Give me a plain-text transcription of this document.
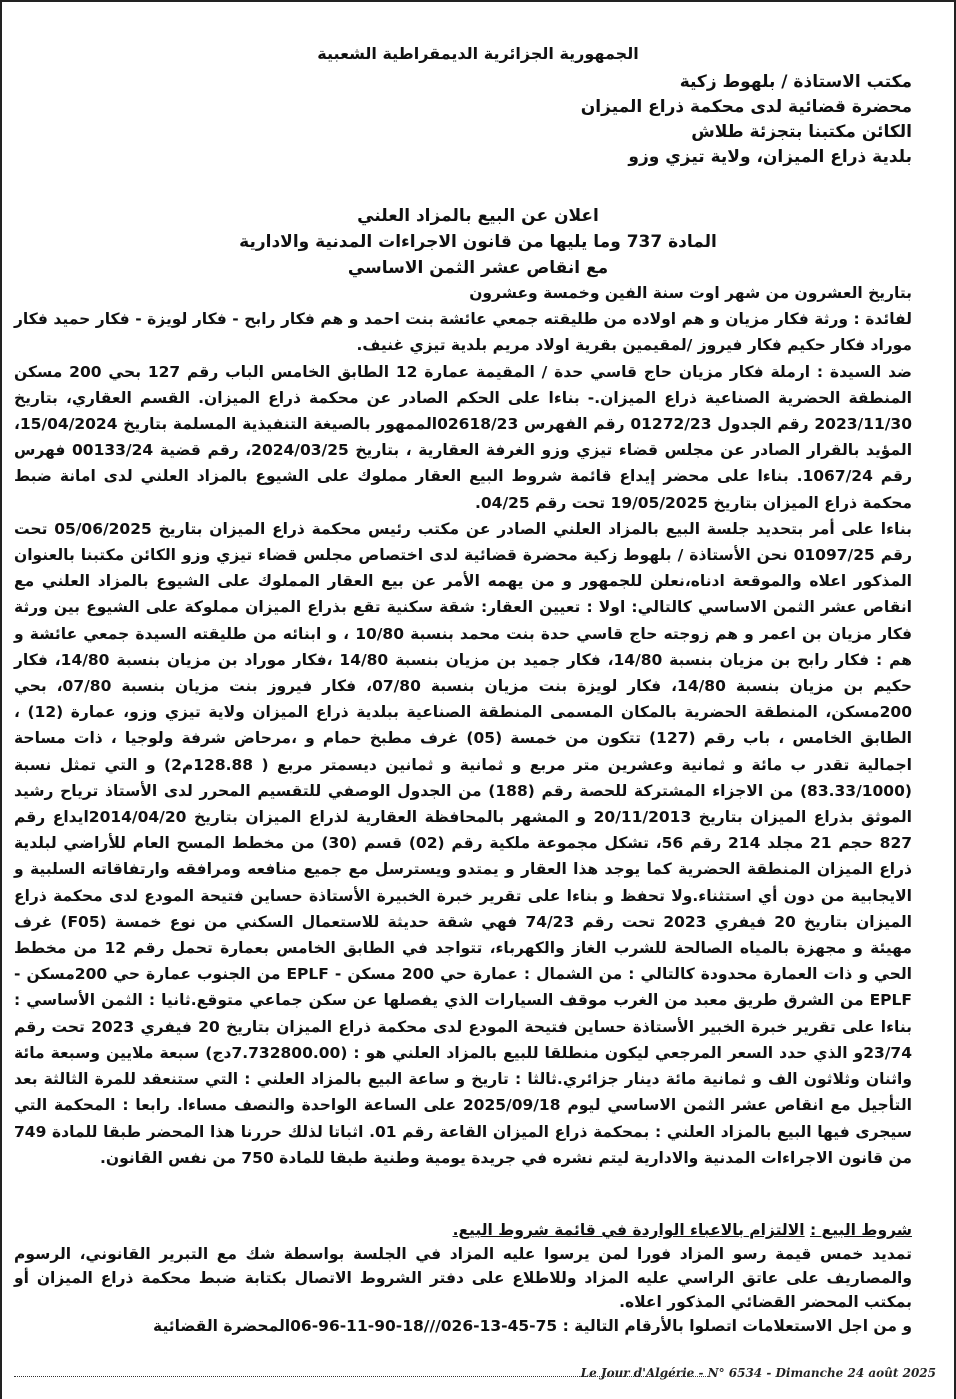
الجمهورية الجزائرية الديمقراطية الشعبية
مكتب الاستاذة / بلهوط زكية
محضرة قضائية لدى محكمة ذراع الميزان
الكائن مكتبنا بتجزئة طلاش
بلدية ذراع الميزان، ولاية تيزي وزو
اعلان عن البيع بالمزاد العلني
المادة 737 وما يليها من قانون الاجراءات المدنية والادارية
مع انقاص عشر الثمن الاساسي

بتاريخ العشرون من شهر اوت سنة الفين وخمسة وعشرون

لفائدة : ورثة فكار مزيان و هم اولاده من طليقته جمعي عائشة بنت احمد و هم فكار رابح - فكار لويزة - فكار حميد فكار موراد فكار حكيم فكار فيروز /لمقيمين بقرية اولاد مريم بلدية تيزي غنيف.

ضد السيدة : ارملة فكار مزيان حاج قاسي حدة / المقيمة عمارة 12 الطابق الخامس الباب رقم 127 بحي 200 مسكن المنطقة الحضرية الصناعية ذراع الميزان.- بناءا على الحكم الصادر عن محكمة ذراع الميزان. القسم العقاري، بتاريخ 2023/11/30 رقم الجدول 01272/23 رقم الفهرس 02618/23الممهور بالصيغة التنفيذية المسلمة بتاريخ 15/04/2024، المؤيد بالقرار الصادر عن مجلس قضاء تيزي وزو الغرفة العقارية ، بتاريخ 2024/03/25، رقم قضية 00133/24 فهرس رقم 1067/24. بناءا على محضر إيداع قائمة شروط البيع العقار مملوك على الشيوع بالمزاد العلني لدى امانة ضبط محكمة ذراع الميزان بتاريخ 19/05/2025 تحت رقم 04/25.

بناءا على أمر بتحديد جلسة البيع بالمزاد العلني الصادر عن مكتب رئيس محكمة ذراع الميزان بتاريخ 05/06/2025 تحت رقم 01097/25 نحن الأستاذة / بلهوط زكية محضرة قضائية لدى اختصاص مجلس قضاء تيزي وزو الكائن مكتبنا بالعنوان المذكور اعلاه والموقعة ادناه،نعلن للجمهور و من يهمه الأمر عن بيع العقار المملوك على الشيوع بالمزاد العلني مع انقاص عشر الثمن الاساسي كالتالي: اولا : تعيين العقار: شقة سكنية تقع بذراع الميزان مملوكة على الشيوع بين ورثة فكار مزيان بن اعمر و هم زوجته حاج قاسي حدة بنت محمد بنسبة 10/80 ، و ابنائه من طليقته السيدة جمعي عائشة و هم : فكار رابح بن مزيان بنسبة 14/80، فكار جميد بن مزيان بنسبة 14/80 ،فكار موراد بن مزيان بنسبة 14/80، فكار حكيم بن مزيان بنسبة 14/80، فكار لويزة بنت مزيان بنسبة 07/80، فكار فيروز بنت مزيان بنسبة 07/80، بحي 200مسكن، المنطقة الحضرية بالمكان المسمى المنطقة الصناعية ببلدية ذراع الميزان ولاية تيزي وزو، عمارة (12) ، الطابق الخامس ، باب رقم (127) تتكون من خمسة (05) غرف مطبخ حمام و ،مرحاض شرفة ولوجيا ، ذات مساحة اجمالية تقدر ب مائة و ثمانية وعشرين متر مربع و ثمانية و ثمانين ديسمتر مربع ( 128.88م2) و التي تمثل نسبة (83.33/1000) من الاجزاء المشتركة للحصة رقم (188) من الجدول الوصفي للتقسيم المحرر لدى الأستاذ ترياح رشيد الموثق بذراع الميزان بتاريخ 20/11/2013 و المشهر بالمحافظة العقارية لذراع الميزان بتاريخ 2014/04/20ايداع رقم 827 حجم 21 مجلد 214 رقم 56، تشكل مجموعة ملكية رقم (02) قسم (30) من مخطط المسح العام للأراضي لبلدية ذراع الميزان المنطقة الحضرية كما يوجد هذا العقار و يمتدو ويسترسل مع جميع منافعه ومرافقه وارتفاقاته السلبية و الايجابية من دون أي استثناء.ولا تحفظ و بناءا على تقرير خبرة الخبيرة الأستاذة حساين فتيحة المودع لدى محكمة ذراع الميزان بتاريخ 20 فيفري 2023 تحت رقم 74/23 فهي شقة حديثة للاستعمال السكني من نوع خمسة (F05) غرف مهيئة و مجهزة بالمياه الصالحة للشرب الغاز والكهرباء، تتواجد في الطابق الخامس بعمارة تحمل رقم 12 من مخطط الحي و ذات العمارة محدودة كالتالي : من الشمال : عمارة حي 200 مسكن - EPLF من الجنوب عمارة حي 200مسكن - EPLF من الشرق طريق معبد من الغرب موقف السيارات الذي يفصلها عن سكن جماعي متوقع.ثانيا : الثمن الأساسي : بناءا على تقرير خبرة الخبير الأستاذة حساين فتيحة المودع لدى محكمة ذراع الميزان بتاريخ 20 فيفري 2023 تحت رقم 23/74و الذي حدد السعر المرجعي ليكون منطلقا للبيع بالمزاد العلني هو : (7.732800.00دج) سبعة ملايين وسبعة مائة واثنان وثلاثون الف و ثمانية مائة دينار جزائري.ثالثا : تاريخ و ساعة البيع بالمزاد العلني : التي ستنعقد للمرة الثالثة بعد التأجيل مع انقاص عشر الثمن الاساسي ليوم 2025/09/18 على الساعة الواحدة والنصف مساءا. رابعا : المحكمة التي سيجرى فيها البيع بالمزاد العلني : بمحكمة ذراع الميزان القاعة رقم 01. اثباتا لذلك حررنا هذا المحضر طبقا للمادة 749 من قانون الاجراءات المدنية والادارية ليتم نشره في جريدة يومية وطنية طبقا للمادة 750 من نفس القانون.

شروط البيع : الالتزام بالاعباء الواردة في قائمة شروط البيع.

تمديد خمس قيمة رسو المزاد فورا لمن يرسوا عليه المزاد في الجلسة بواسطة شك مع التبرير القانوني، الرسوم والمصاريف على عاتق الراسي عليه المزاد وللاطلاع على دفتر الشروط الاتصال بكتابة ضبط محكمة ذراع الميزان أو بمكتب المحضر القضائي المذكور اعلاه.

و من اجل الاستعلامات اتصلوا بالأرقام التالية : 75-45-13-026///18-90-11-96-06المحضرة القضائية

Le Jour d'Algérie - N° 6534 - Dimanche 24 août 2025
